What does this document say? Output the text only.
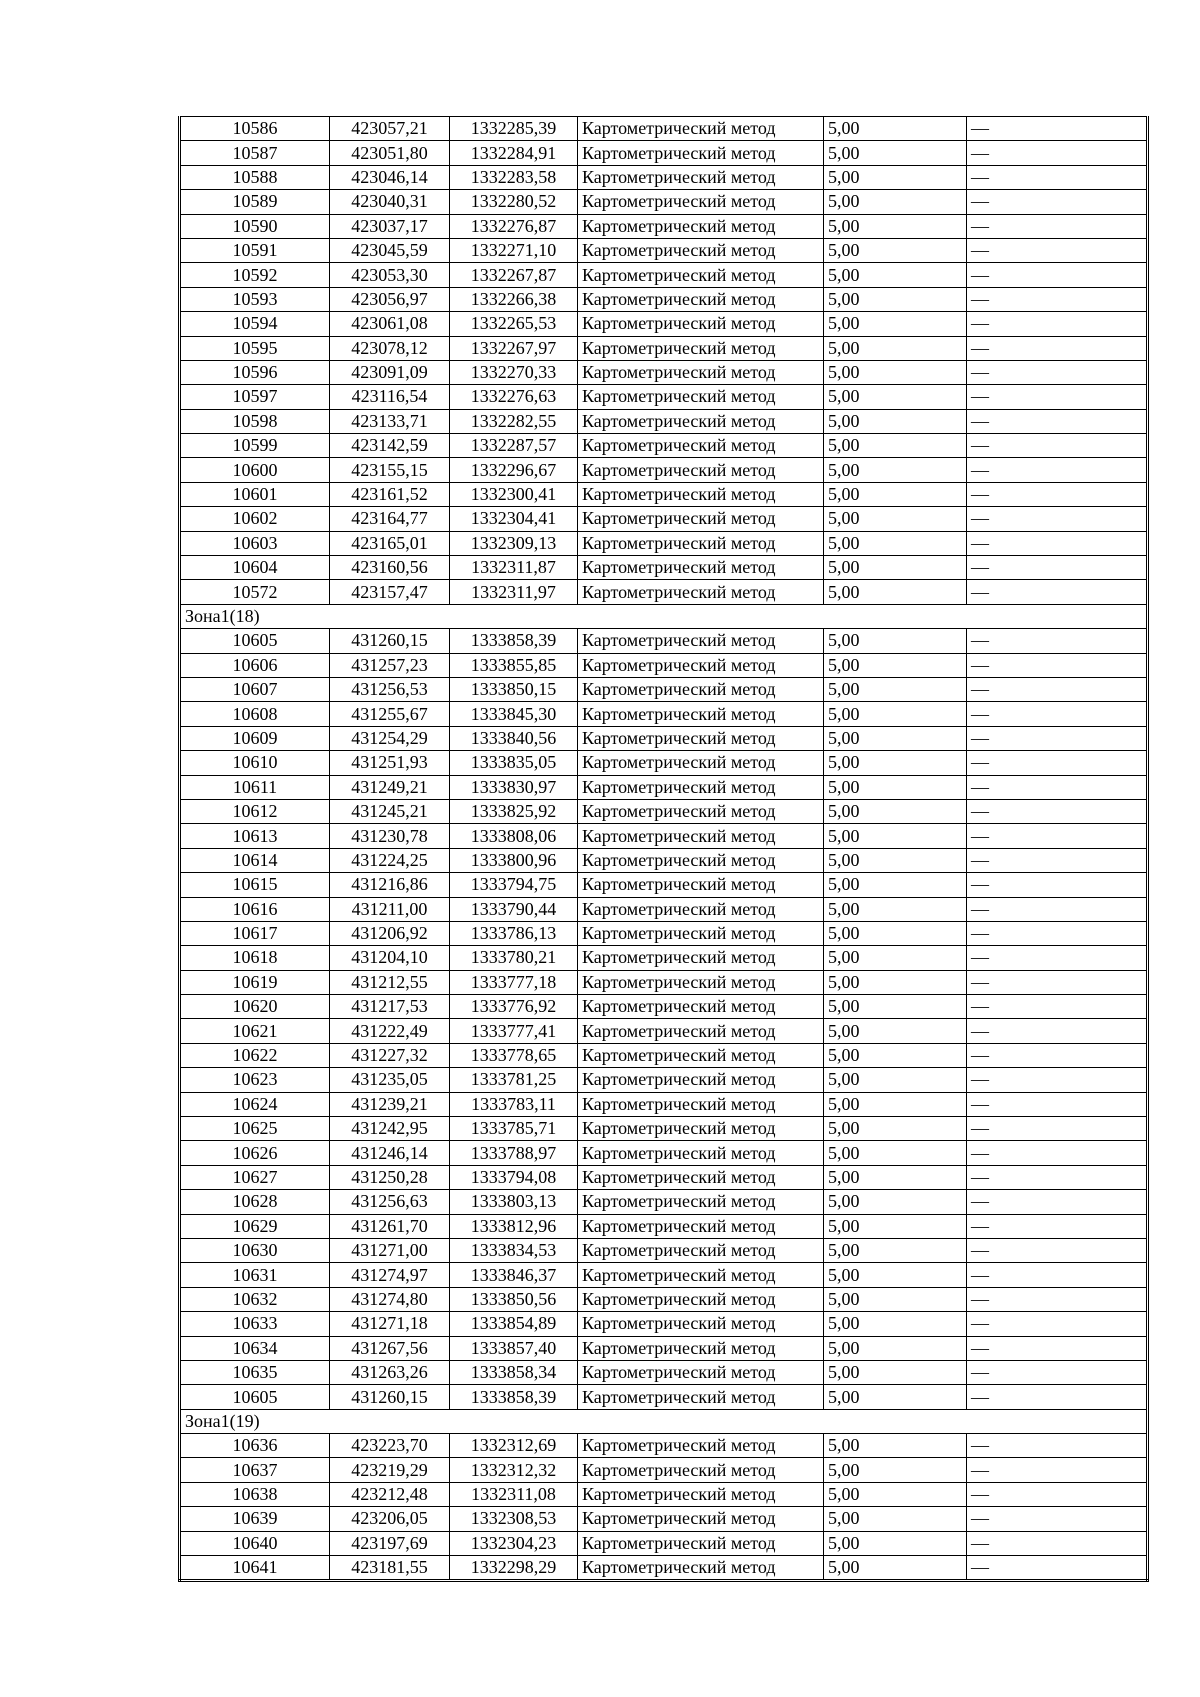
10586	423057,21	1332285,39	Картометрический метод	5,00	—
10587	423051,80	1332284,91	Картометрический метод	5,00	—
10588	423046,14	1332283,58	Картометрический метод	5,00	—
10589	423040,31	1332280,52	Картометрический метод	5,00	—
10590	423037,17	1332276,87	Картометрический метод	5,00	—
10591	423045,59	1332271,10	Картометрический метод	5,00	—
10592	423053,30	1332267,87	Картометрический метод	5,00	—
10593	423056,97	1332266,38	Картометрический метод	5,00	—
10594	423061,08	1332265,53	Картометрический метод	5,00	—
10595	423078,12	1332267,97	Картометрический метод	5,00	—
10596	423091,09	1332270,33	Картометрический метод	5,00	—
10597	423116,54	1332276,63	Картометрический метод	5,00	—
10598	423133,71	1332282,55	Картометрический метод	5,00	—
10599	423142,59	1332287,57	Картометрический метод	5,00	—
10600	423155,15	1332296,67	Картометрический метод	5,00	—
10601	423161,52	1332300,41	Картометрический метод	5,00	—
10602	423164,77	1332304,41	Картометрический метод	5,00	—
10603	423165,01	1332309,13	Картометрический метод	5,00	—
10604	423160,56	1332311,87	Картометрический метод	5,00	—
10572	423157,47	1332311,97	Картометрический метод	5,00	—
Зона1(18)					
10605	431260,15	1333858,39	Картометрический метод	5,00	—
10606	431257,23	1333855,85	Картометрический метод	5,00	—
10607	431256,53	1333850,15	Картометрический метод	5,00	—
10608	431255,67	1333845,30	Картометрический метод	5,00	—
10609	431254,29	1333840,56	Картометрический метод	5,00	—
10610	431251,93	1333835,05	Картометрический метод	5,00	—
10611	431249,21	1333830,97	Картометрический метод	5,00	—
10612	431245,21	1333825,92	Картометрический метод	5,00	—
10613	431230,78	1333808,06	Картометрический метод	5,00	—
10614	431224,25	1333800,96	Картометрический метод	5,00	—
10615	431216,86	1333794,75	Картометрический метод	5,00	—
10616	431211,00	1333790,44	Картометрический метод	5,00	—
10617	431206,92	1333786,13	Картометрический метод	5,00	—
10618	431204,10	1333780,21	Картометрический метод	5,00	—
10619	431212,55	1333777,18	Картометрический метод	5,00	—
10620	431217,53	1333776,92	Картометрический метод	5,00	—
10621	431222,49	1333777,41	Картометрический метод	5,00	—
10622	431227,32	1333778,65	Картометрический метод	5,00	—
10623	431235,05	1333781,25	Картометрический метод	5,00	—
10624	431239,21	1333783,11	Картометрический метод	5,00	—
10625	431242,95	1333785,71	Картометрический метод	5,00	—
10626	431246,14	1333788,97	Картометрический метод	5,00	—
10627	431250,28	1333794,08	Картометрический метод	5,00	—
10628	431256,63	1333803,13	Картометрический метод	5,00	—
10629	431261,70	1333812,96	Картометрический метод	5,00	—
10630	431271,00	1333834,53	Картометрический метод	5,00	—
10631	431274,97	1333846,37	Картометрический метод	5,00	—
10632	431274,80	1333850,56	Картометрический метод	5,00	—
10633	431271,18	1333854,89	Картометрический метод	5,00	—
10634	431267,56	1333857,40	Картометрический метод	5,00	—
10635	431263,26	1333858,34	Картометрический метод	5,00	—
10605	431260,15	1333858,39	Картометрический метод	5,00	—
Зона1(19)					
10636	423223,70	1332312,69	Картометрический метод	5,00	—
10637	423219,29	1332312,32	Картометрический метод	5,00	—
10638	423212,48	1332311,08	Картометрический метод	5,00	—
10639	423206,05	1332308,53	Картометрический метод	5,00	—
10640	423197,69	1332304,23	Картометрический метод	5,00	—
10641	423181,55	1332298,29	Картометрический метод	5,00	—
